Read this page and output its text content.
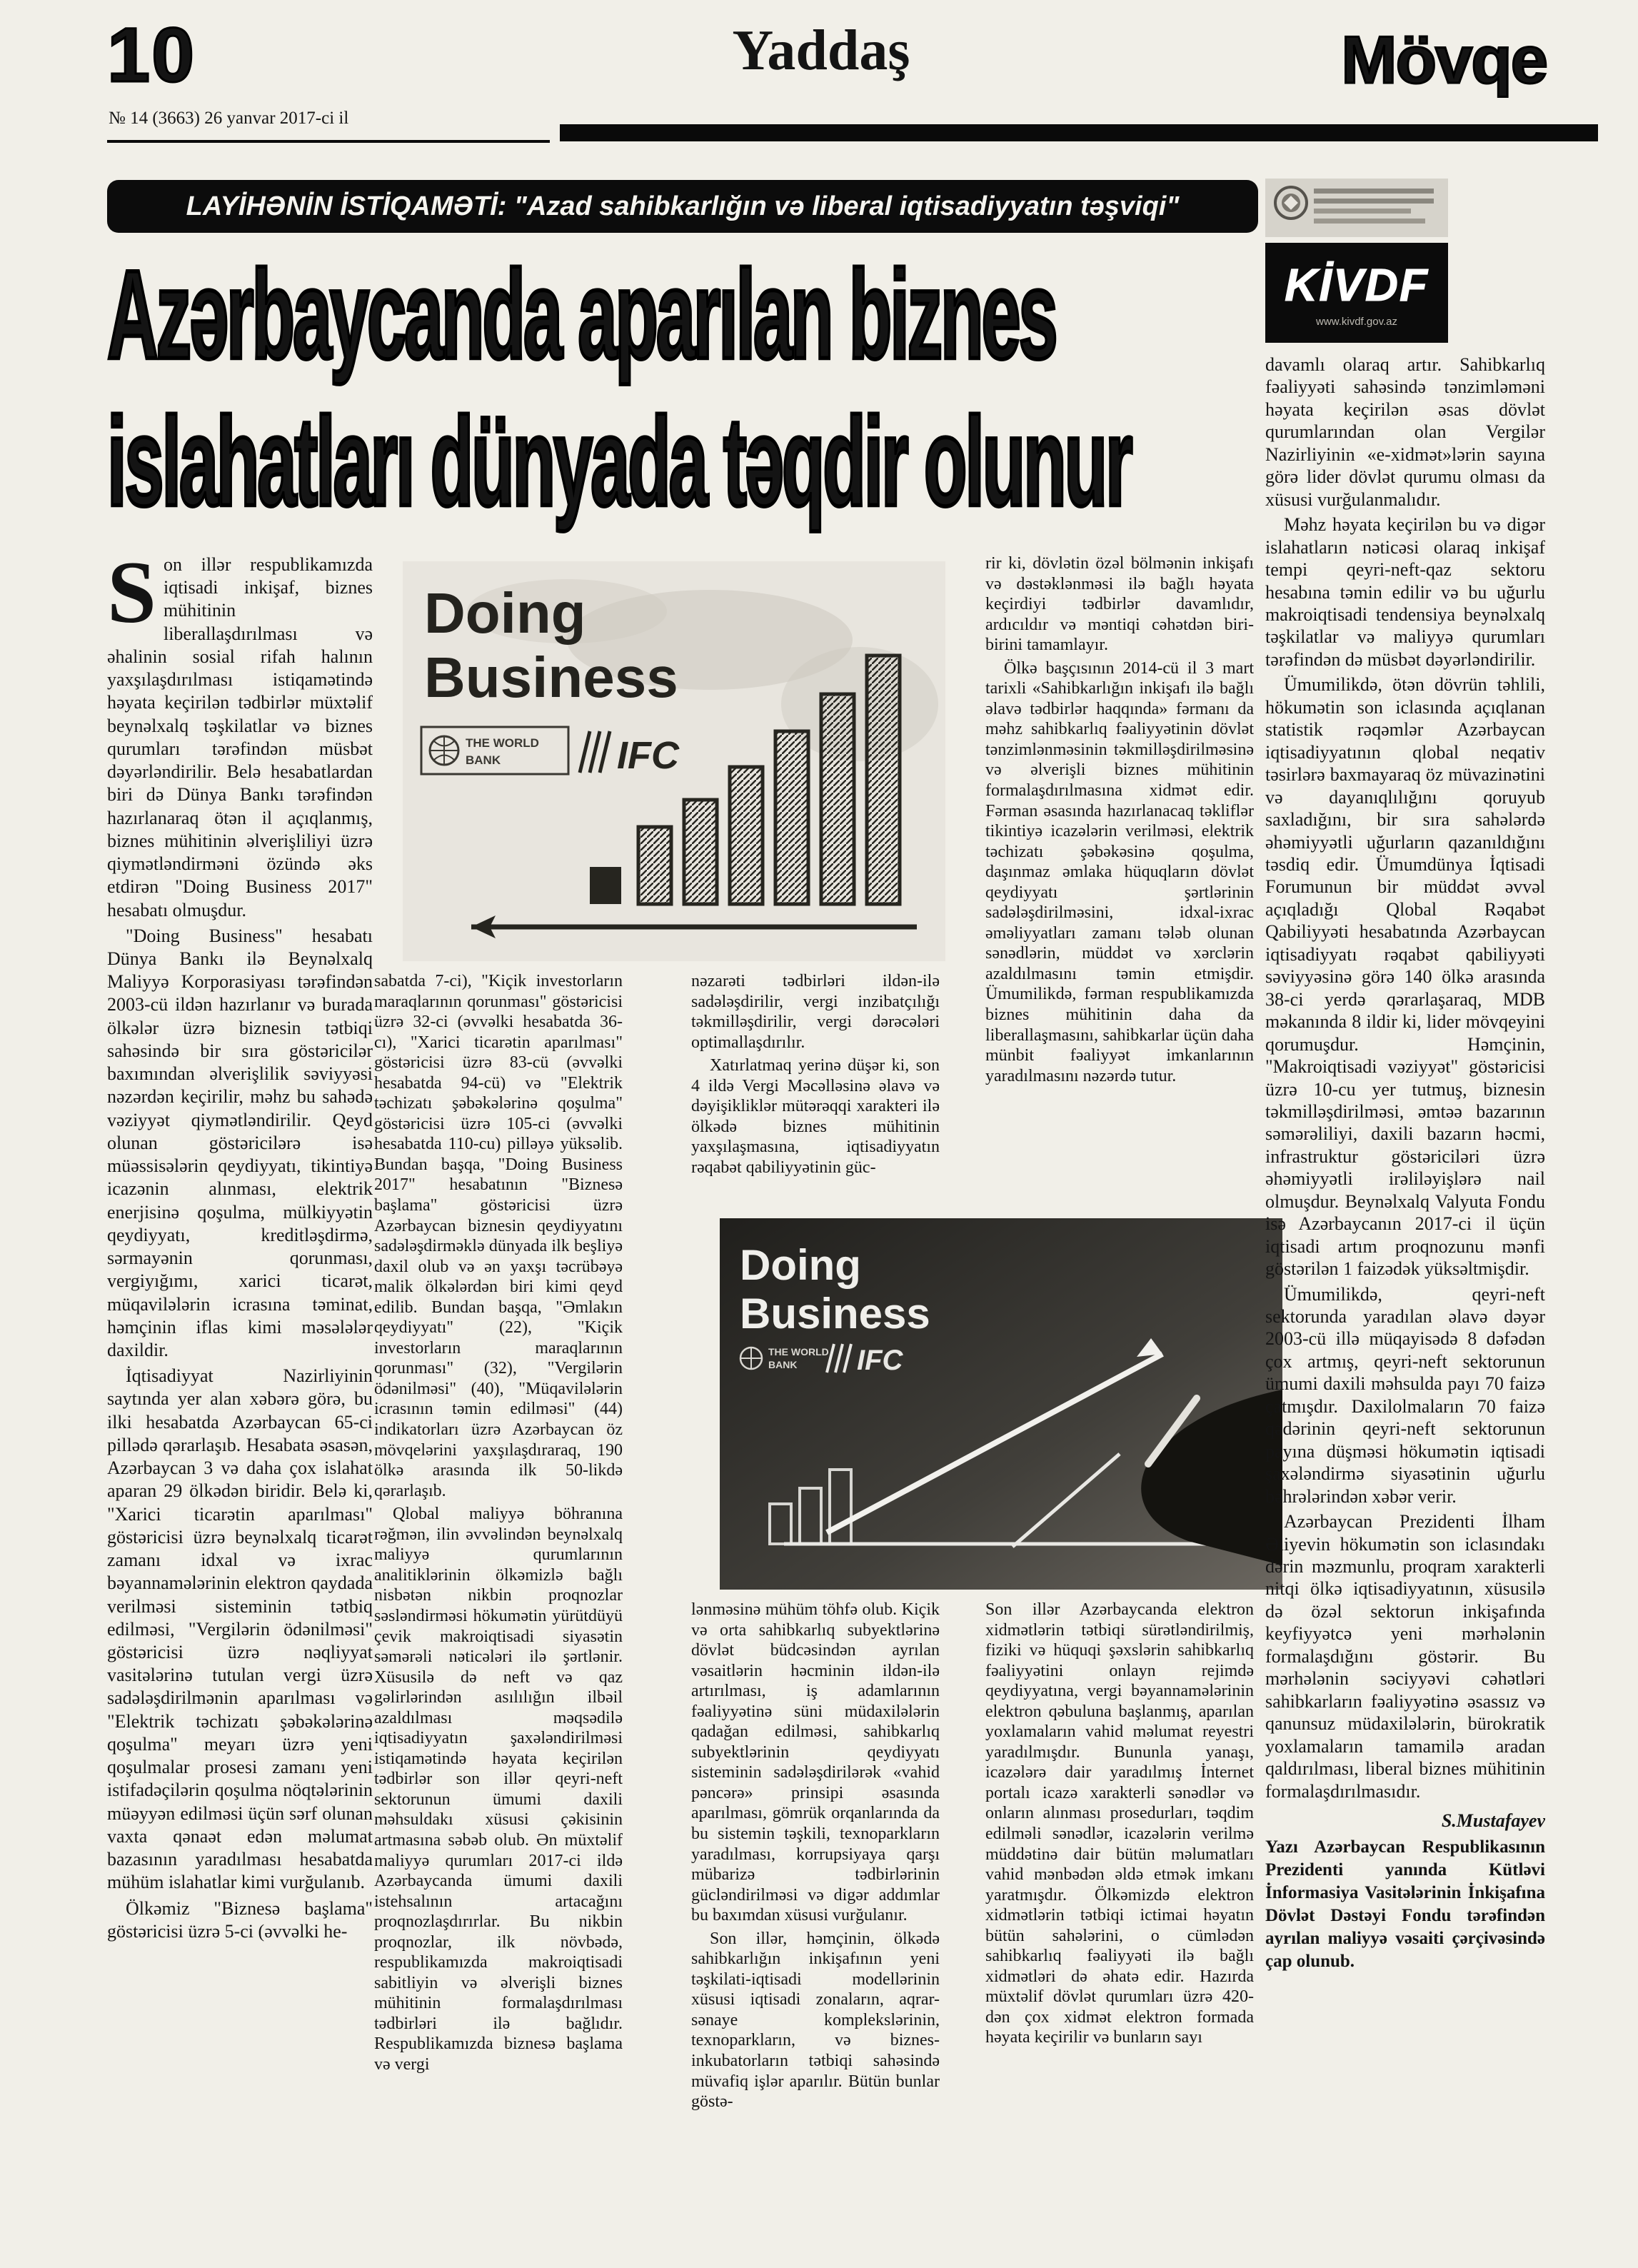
10
№ 14 (3663) 26 yanvar 2017-ci il
Yaddaş	Mövqe
LAYİHƏNİN İSTİQAMƏTİ: "Azad sahibkarlığın və liberal iqtisadiyyatın təşviqi"
KİVDF
www.kivdf.gov.az
Azərbaycanda aparılan biznes
islahatları dünyada təqdir olunur
Doing
Business
THE WORLD
BANK	IFC
Doing
Business
THE WORLD
BANK IFC

Son illər respublikamızda iqtisadi inkişaf, biznes mühitinin liberallaşdırılması və əhalinin sosial rifah halının yaxşılaşdırılması istiqamətində həyata keçirilən tədbirlər müxtəlif beynəlxalq təşkilatlar və biznes qurumları tərəfindən müsbət dəyərləndirilir. Belə hesabatlardan biri də Dünya Bankı tərəfindən hazırlanaraq ötən il açıqlanmış, biznes mühitinin əlverişliliyi üzrə qiymətləndirməni özündə əks etdirən "Doing Business 2017" hesabatı olmuşdur.

"Doing Business" hesabatı Dünya Bankı ilə Beynəlxalq Maliyyə Korporasiyası tərəfindən 2003-cü ildən hazırlanır və burada ölkələr üzrə biznesin tətbiqi sahəsində bir sıra göstəricilər baxımından əlverişlilik səviyyəsi nəzərdən keçirilir, məhz bu sahədə vəziyyət qiymətləndirilir. Qeyd olunan göstəricilərə isə müəssisələrin qeydiyyatı, tikintiyə icazənin alınması, elektrik enerjisinə qoşulma, mülkiyyətin qeydiyyatı, kreditləşdirmə, sərmayənin qorunması, vergiyığımı, xarici ticarət, müqavilələrin icrasına təminat, həmçinin iflas kimi məsələlər daxildir.

İqtisadiyyat Nazirliyinin saytında yer alan xəbərə görə, bu ilki hesabatda Azərbaycan 65-ci pillədə qərarlaşıb. Hesabata əsasən, Azərbaycan 3 və daha çox islahat aparan 29 ölkədən biridir. Belə ki, "Xarici ticarətin aparılması" göstəricisi üzrə beynəlxalq ticarət zamanı idxal və ixrac bəyannamələrinin elektron qaydada verilməsi sisteminin tətbiq edilməsi, "Vergilərin ödənilməsi" göstəricisi üzrə nəqliyyat vasitələrinə tutulan vergi üzrə sadələşdirilmənin aparılması və "Elektrik təchizatı şəbəkələrinə qoşulma" meyarı üzrə yeni qoşulmalar prosesi zamanı yeni istifadəçilərin qoşulma nöqtələrinin müəyyən edilməsi üçün sərf olunan vaxta qənaət edən məlumat bazasının yaradılması hesabatda mühüm islahatlar kimi vurğulanıb.

Ölkəmiz "Biznesə başlama" göstəricisi üzrə 5-ci (əvvəlki he-

sabatda 7-ci), "Kiçik investorların maraqlarının qorunması" göstəricisi üzrə 32-ci (əvvəlki hesabatda 36-cı), "Xarici ticarətin aparılması" göstəricisi üzrə 83-cü (əvvəlki hesabatda 94-cü) və "Elektrik təchizatı şəbəkələrinə qoşulma" göstəricisi üzrə 105-ci (əvvəlki hesabatda 110-cu) pilləyə yüksəlib. Bundan başqa, "Doing Business 2017" hesabatının "Biznesə başlama" göstəricisi üzrə Azərbaycan biznesin qeydiyyatını sadələşdirməklə dünyada ilk beşliyə daxil olub və ən yaxşı təcrübəyə malik ölkələrdən biri kimi qeyd edilib. Bundan başqa, "Əmlakın qeydiyyatı" (22), "Kiçik investorların maraqlarının qorunması" (32), "Vergilərin ödənilməsi" (40), "Müqavilələrin icrasının təmin edilməsi" (44) indikatorları üzrə Azərbaycan öz mövqelərini yaxşılaşdıraraq, 190 ölkə arasında ilk 50-likdə qərarlaşıb.

Qlobal maliyyə böhranına rəğmən, ilin əvvəlindən beynəlxalq maliyyə qurumlarının analitiklərinin ölkəmizlə bağlı nisbətən nikbin proqnozlar səsləndirməsi hökumətin yürütdüyü çevik makroiqtisadi siyasətin səmərəli nəticələri ilə şərtlənir. Xüsusilə də neft və qaz gəlirlərindən asılılığın ilbəil azaldılması məqsədilə iqtisadiyyatın şaxələndirilməsi istiqamətində həyata keçirilən tədbirlər son illər qeyri-neft sektorunun ümumi daxili məhsuldakı xüsusi çəkisinin artmasına səbəb olub. Ən müxtəlif maliyyə qurumları 2017-ci ildə Azərbaycanda ümumi daxili istehsalının artacağını proqnozlaşdırırlar. Bu nikbin proqnozlar, ilk növbədə, respublikamızda makroiqtisadi sabitliyin və əlverişli biznes mühitinin formalaşdırılması tədbirləri ilə bağlıdır. Respublikamızda biznesə başlama və vergi

nəzarəti tədbirləri ildən-ilə sadələşdirilir, vergi inzibatçılığı təkmilləşdirilir, vergi dərəcələri optimallaşdırılır.

Xatırlatmaq yerinə düşər ki, son 4 ildə Vergi Məcəlləsinə əlavə və dəyişikliklər mütərəqqi xarakteri ilə ölkədə biznes mühitinin yaxşılaşmasına, iqtisadiyyatın rəqabət qabiliyyətinin güc-

lənməsinə mühüm töhfə olub. Kiçik və orta sahibkarlıq subyektlərinə dövlət büdcəsindən ayrılan vəsaitlərin həcminin ildən-ilə artırılması, iş adamlarının fəaliyyətinə süni müdaxilələrin qadağan edilməsi, sahibkarlıq subyektlərinin qeydiyyatı sisteminin sadələşdirilərək «vahid pəncərə» prinsipi əsasında aparılması, gömrük orqanlarında da bu sistemin təşkili, texnoparkların yaradılması, korrupsiyaya qarşı mübarizə tədbirlərinin gücləndirilməsi və digər addımlar bu baxımdan xüsusi vurğulanır.

Son illər, həmçinin, ölkədə sahibkarlığın inkişafının yeni təşkilati-iqtisadi modellərinin xüsusi iqtisadi zonaların, aqrar-sənaye komplekslərinin, texnoparkların, və biznes-inkubatorların tətbiqi sahəsində müvafiq işlər aparılır. Bütün bunlar göstə-

rir ki, dövlətin özəl bölmənin inkişafı və dəstəklənməsi ilə bağlı həyata keçirdiyi tədbirlər davamlıdır, ardıcıldır və məntiqi cəhətdən biri-birini tamamlayır.

Ölkə başçısının 2014-cü il 3 mart tarixli «Sahibkarlığın inkişafı ilə bağlı əlavə tədbirlər haqqında» fərmanı da məhz sahibkarlıq fəaliyyətinin dövlət tənzimlənməsinin təkmilləşdirilməsinə və əlverişli biznes mühitinin formalaşdırılmasına xidmət edir. Fərman əsasında hazırlanacaq təkliflər tikintiyə icazələrin verilməsi, elektrik təchizatı şəbəkəsinə qoşulma, daşınmaz əmlaka hüquqların dövlət qeydiyyatı şərtlərinin sadələşdirilməsini, idxal-ixrac əməliyyatları zamanı tələb olunan sənədlərin, müddət və xərclərin azaldılmasını təmin etmişdir. Ümumilikdə, fərman respublikamızda biznes mühitinin daha da liberallaşmasını, sahibkarlar üçün daha münbit fəaliyyət imkanlarının yaradılmasını nəzərdə tutur.

Son illər Azərbaycanda elektron xidmətlərin tətbiqi sürətləndirilmiş, fiziki və hüquqi şəxslərin sahibkarlıq fəaliyyətini onlayn rejimdə qeydiyyatına, vergi bəyannamələrinin elektron qəbuluna başlanmış, aparılan yoxlamaların vahid məlumat reyestri yaradılmışdır. Bununla yanaşı, icazələrə dair yaradılmış İnternet portalı icazə xarakterli sənədlər və onların alınması prosedurları, təqdim edilməli sənədlər, icazələrin verilmə müddətinə dair bütün məlumatları vahid mənbədən əldə etmək imkanı yaratmışdır. Ölkəmizdə elektron xidmətlərin tətbiqi ictimai həyatın bütün sahələrini, o cümlədən sahibkarlıq fəaliyyəti ilə bağlı xidmətləri də əhatə edir. Hazırda müxtəlif dövlət qurumları üzrə 420-dən çox xidmət elektron formada həyata keçirilir və bunların sayı

davamlı olaraq artır. Sahibkarlıq fəaliyyəti sahəsində tənzimləməni həyata keçirilən əsas dövlət qurumlarından olan Vergilər Nazirliyinin «e-xidmət»lərin sayına görə lider dövlət qurumu olması da xüsusi vurğulanmalıdır.

Məhz həyata keçirilən bu və digər islahatların nəticəsi olaraq inkişaf tempi qeyri-neft-qaz sektoru hesabına təmin edilir və bu uğurlu makroiqtisadi tendensiya beynəlxalq təşkilatlar və maliyyə qurumları tərəfindən də müsbət dəyərləndirilir.

Ümumilikdə, ötən dövrün təhlili, hökumətin son iclasında açıqlanan statistik rəqəmlər Azərbaycan iqtisadiyyatının qlobal neqativ təsirlərə baxmayaraq öz müvazinətini və dayanıqlılığını qoruyub saxladığını, bir sıra sahələrdə əhəmiyyətli uğurların qazanıldığını təsdiq edir. Ümumdünya İqtisadi Forumunun bir müddət əvvəl açıqladığı Qlobal Rəqabət Qabiliyyəti hesabatında Azərbaycan iqtisadiyyatı rəqabət qabiliyyəti səviyyəsinə görə 140 ölkə arasında 38-ci yerdə qərarlaşaraq, MDB məkanında 8 ildir ki, lider mövqeyini qorumuşdur. Həmçinin, "Makroiqtisadi vəziyyət" göstəricisi üzrə 10-cu yer tutmuş, biznesin təkmilləşdirilməsi, əmtəə bazarının səmərəliliyi, daxili bazarın həcmi, infrastruktur göstəriciləri üzrə əhəmiyyətli irəliləyişlərə nail olmuşdur. Beynəlxalq Valyuta Fondu isə Azərbaycanın 2017-ci il üçün iqtisadi artım proqnozunu mənfi göstərilən 1 faizədək yüksəltmişdir.

Ümumilikdə, qeyri-neft sektorunda yaradılan əlavə dəyər 2003-cü illə müqayisədə 8 dəfədən çox artmış, qeyri-neft sektorunun ümumi daxili məhsulda payı 70 faizə çatmışdır. Daxilolmaların 70 faizə qədərinin qeyri-neft sektorunun payına düşməsi hökumətin iqtisadi şaxələndirmə siyasətinin uğurlu bəhrələrindən xəbər verir.

Azərbaycan Prezidenti İlham Əliyevin hökumətin son iclasındakı dərin məzmunlu, proqram xarakterli nitqi ölkə iqtisadiyyatının, xüsusilə də özəl sektorun inkişafında keyfiyyətcə yeni mərhələnin formalaşdığını göstərir. Bu mərhələnin səciyyəvi cəhətləri sahibkarların fəaliyyətinə əsassız və qanunsuz müdaxilələrin, bürokratik yoxlamaların tamamilə aradan qaldırılması, liberal biznes mühitinin formalaşdırılmasıdır.

S.Mustafayev
Yazı Azərbaycan Respublikasının Prezidenti yanında Kütləvi İnformasiya Vasitələrinin İnkişafına Dövlət Dəstəyi Fondu tərəfindən ayrılan maliyyə vəsaiti çərçivəsində çap olunub.
